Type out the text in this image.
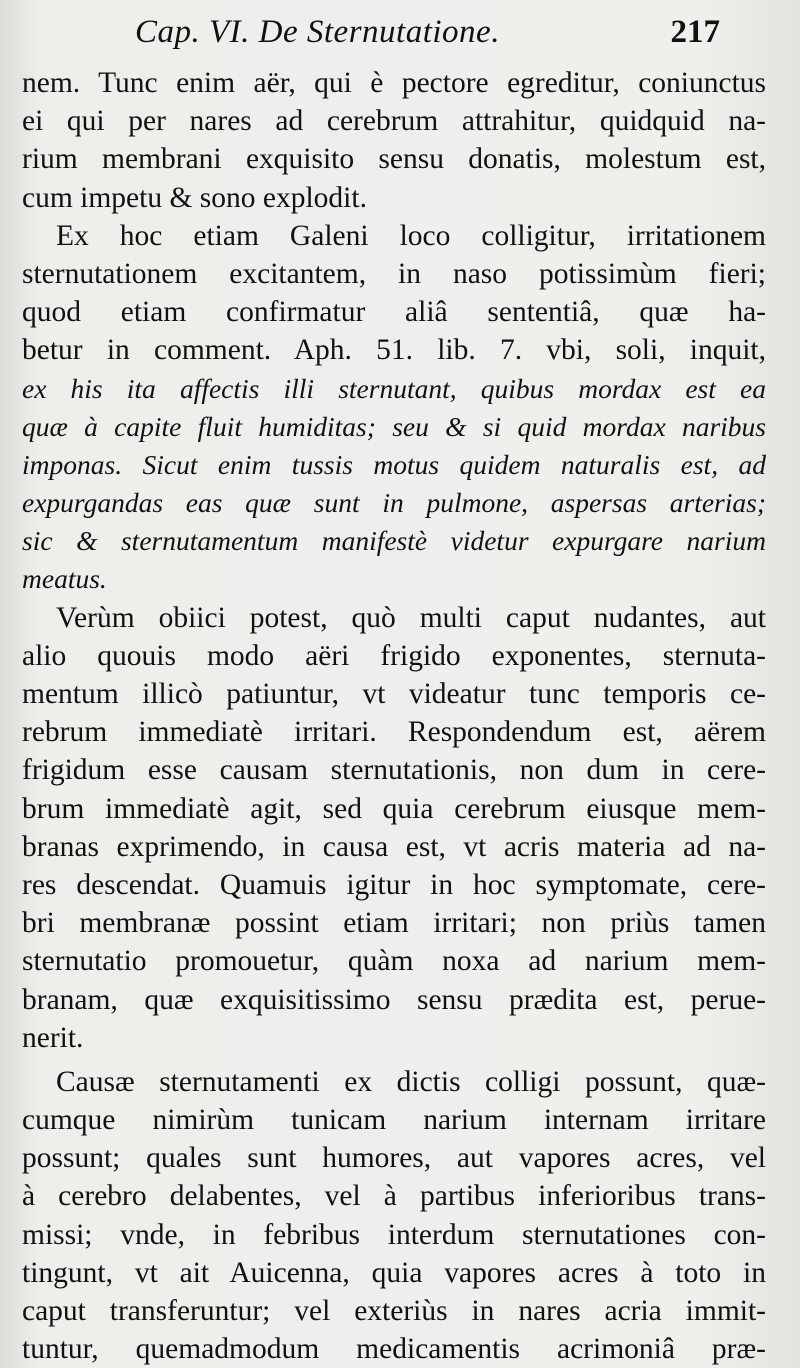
Cap. VI. De Sternutatione.	217
nem. Tunc enim aër, qui è pectore egreditur, coniunctus
ei qui per nares ad cerebrum attrahitur, quidquid na-
rium membrani exquisito sensu donatis, molestum est,
cum impetu & sono explodit.
Ex hoc etiam Galeni loco colligitur, irritationem
sternutationem excitantem, in naso potissimùm fieri;
quod etiam confirmatur aliâ sententiâ, quæ ha-
betur in comment. Aph. 51. lib. 7. vbi, soli, inquit,
ex his ita affectis illi sternutant, quibus mordax est ea
quæ à capite fluit humiditas; seu & si quid mordax naribus
imponas. Sicut enim tussis motus quidem naturalis est, ad
expurgandas eas quæ sunt in pulmone, aspersas arterias;
sic & sternutamentum manifestè videtur expurgare narium
meatus.
Verùm obiici potest, quò multi caput nudantes, aut
alio quouis modo aëri frigido exponentes, sternuta-
mentum illicò patiuntur, vt videatur tunc temporis ce-
rebrum immediatè irritari. Respondendum est, aërem
frigidum esse causam sternutationis, non dum in cere-
brum immediatè agit, sed quia cerebrum eiusque mem-
branas exprimendo, in causa est, vt acris materia ad na-
res descendat. Quamuis igitur in hoc symptomate, cere-
bri membranæ possint etiam irritari; non priùs tamen
sternutatio promouetur, quàm noxa ad narium mem-
branam, quæ exquisitissimo sensu prædita est, perue-
nerit.
Causæ sternutamenti ex dictis colligi possunt, quæ-
cumque nimirùm tunicam narium internam irritare
possunt; quales sunt humores, aut vapores acres, vel
à cerebro delabentes, vel à partibus inferioribus trans-
missi; vnde, in febribus interdum sternutationes con-
tingunt, vt ait Auicenna, quia vapores acres à toto in
caput transferuntur; vel exteriùs in nares acria immit-
tuntur, quemadmodum medicamentis acrimoniâ præ-
